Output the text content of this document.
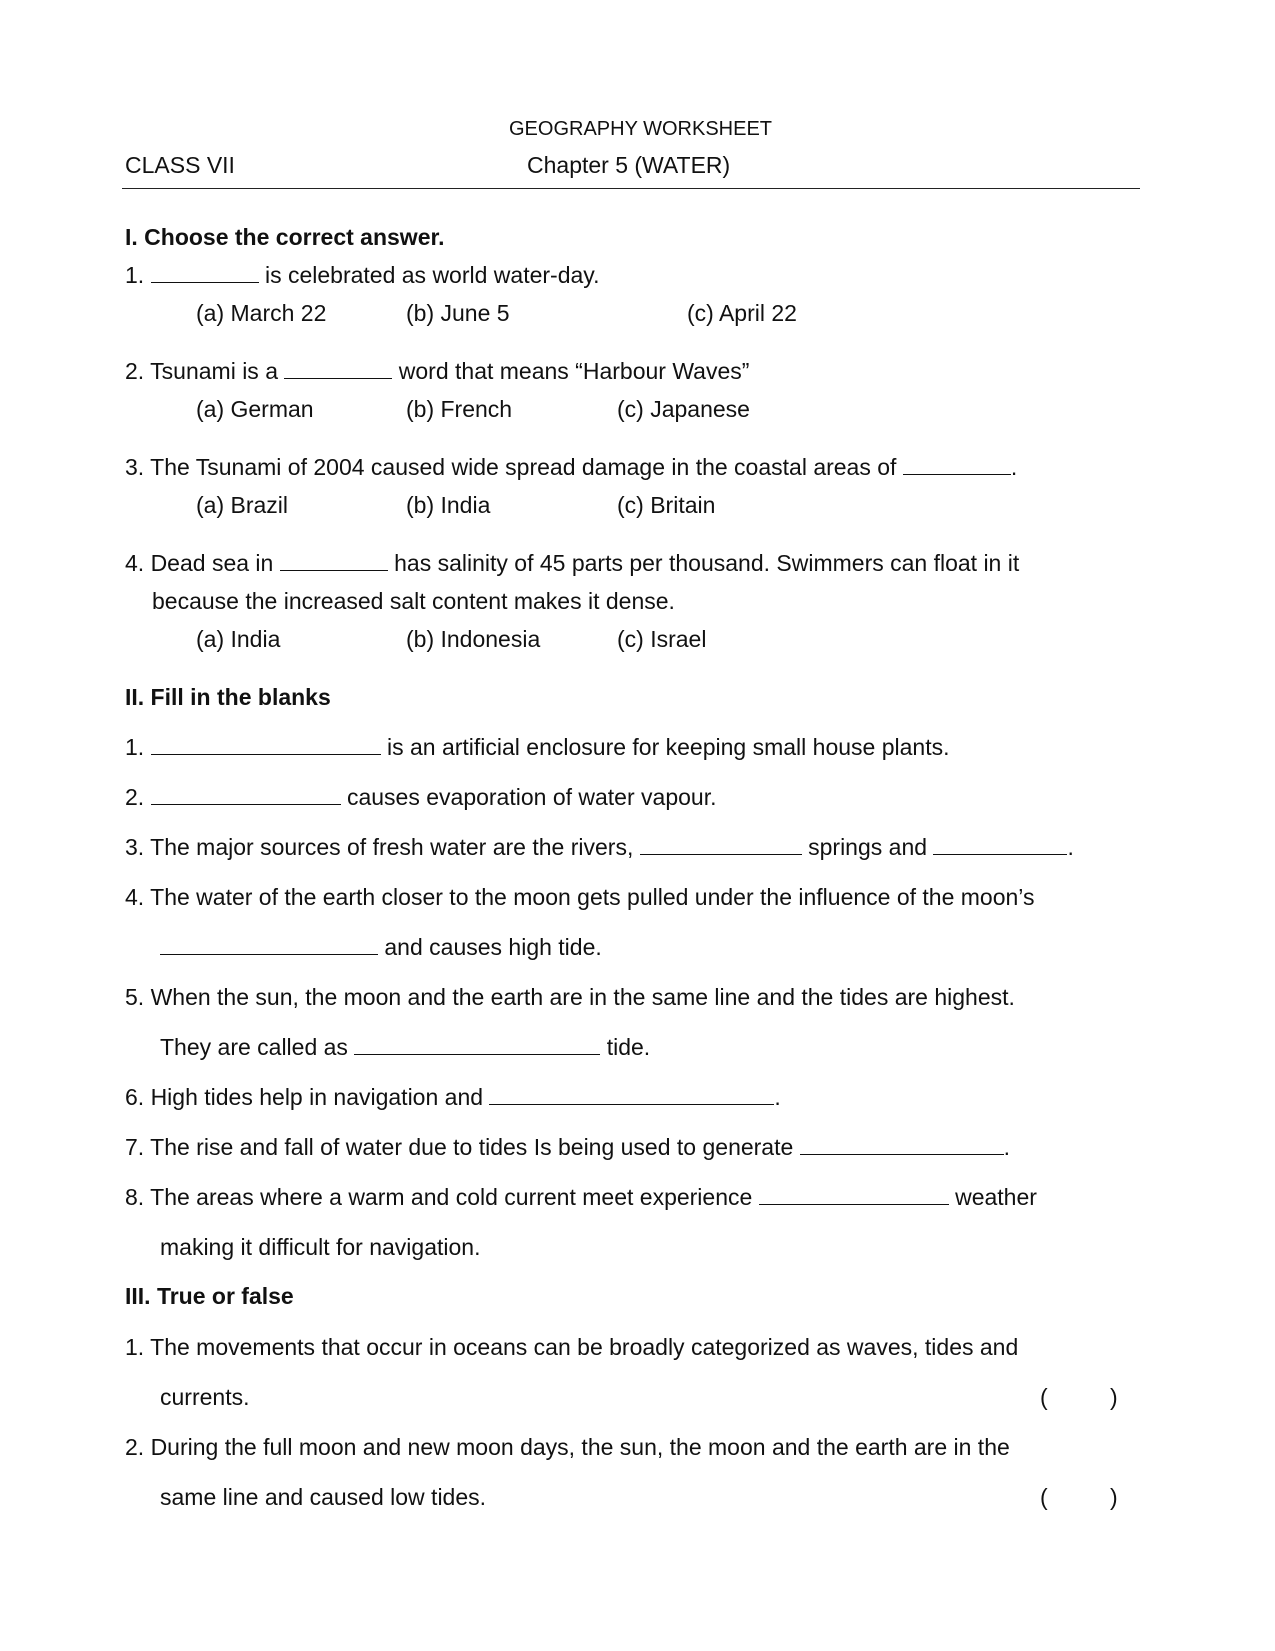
GEOGRAPHY WORKSHEET
CLASS VII	Chapter 5 (WATER)
I. Choose the correct answer.
1.	is celebrated as world water-day.
(a) March 22	(b) June 5	(c) April 22
2. Tsunami is a	word that means “Harbour Waves”
(a) German	(b) French	(c) Japanese
3. The Tsunami of 2004 caused wide spread damage in the coastal areas of	.
(a) Brazil	(b) India	(c) Britain
4. Dead sea in	has salinity of 45 parts per thousand. Swimmers can float in it
because the increased salt content makes it dense.
(a) India	(b) Indonesia	(c) Israel
II. Fill in the blanks
1.	is an artificial enclosure for keeping small house plants.
2.	causes evaporation of water vapour.
3. The major sources of fresh water are the rivers,	springs and	.
4. The water of the earth closer to the moon gets pulled under the influence of the moon’s
and causes high tide.
5. When the sun, the moon and the earth are in the same line and the tides are highest.
They are called as	tide.
6. High tides help in navigation and	.
7. The rise and fall of water due to tides Is being used to generate	.
8. The areas where a warm and cold current meet experience	weather
making it difficult for navigation.
III. True or false
1. The movements that occur in oceans can be broadly categorized as waves, tides and
currents.	(	)
2. During the full moon and new moon days, the sun, the moon and the earth are in the
same line and caused low tides.	(	)
